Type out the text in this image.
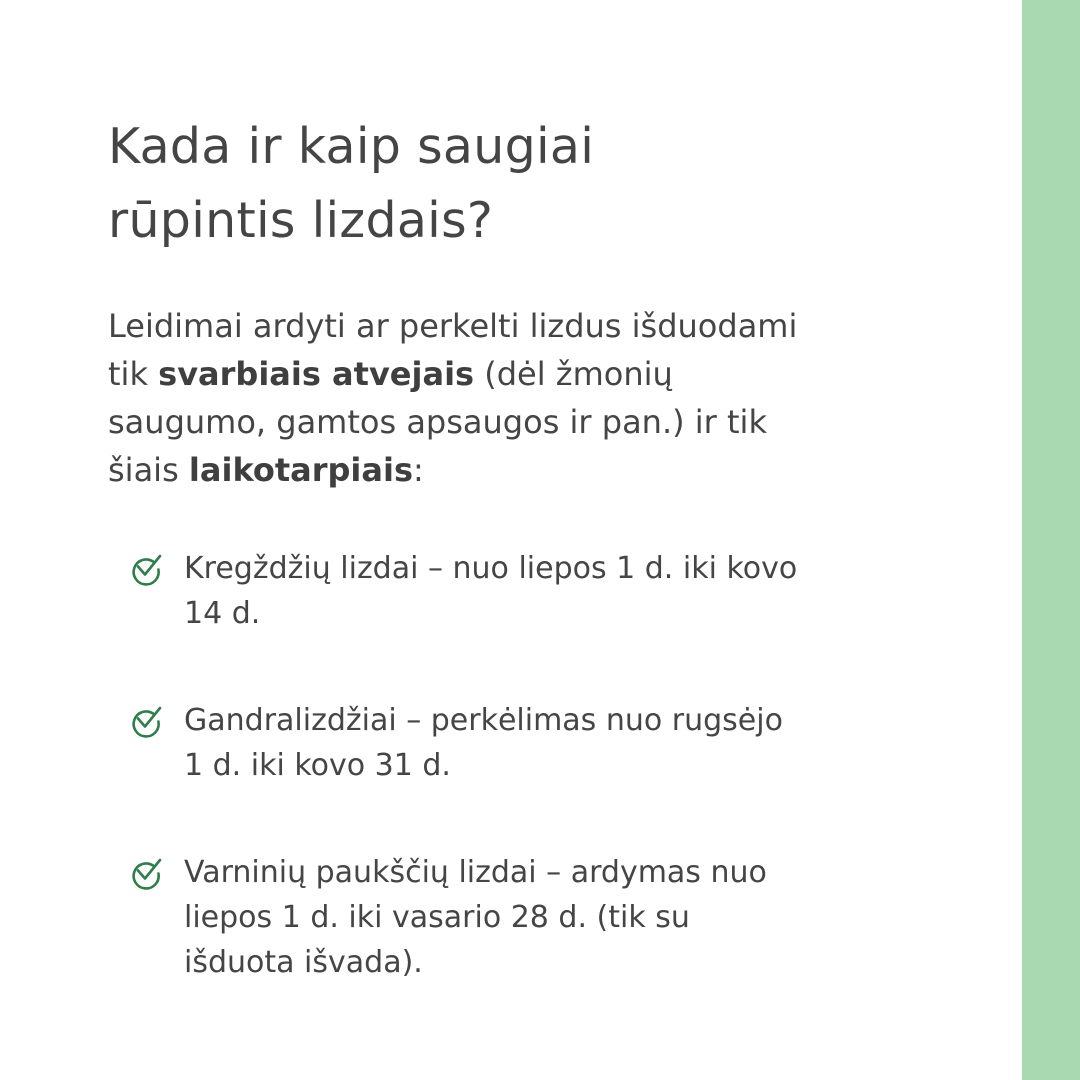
Kada ir kaip saugiai
rūpintis lizdais?

Leidimai ardyti ar perkelti lizdus išduodami tik svarbiais atvejais (dėl žmonių saugumo, gamtos apsaugos ir pan.) ir tik šiais laikotarpiais:

Kregždžių lizdai – nuo liepos 1 d. iki kovo 14 d.
Gandralizdžiai – perkėlimas nuo rugsėjo 1 d. iki kovo 31 d.
Varninių paukščių lizdai – ardymas nuo liepos 1 d. iki vasario 28 d. (tik su išduota išvada).
